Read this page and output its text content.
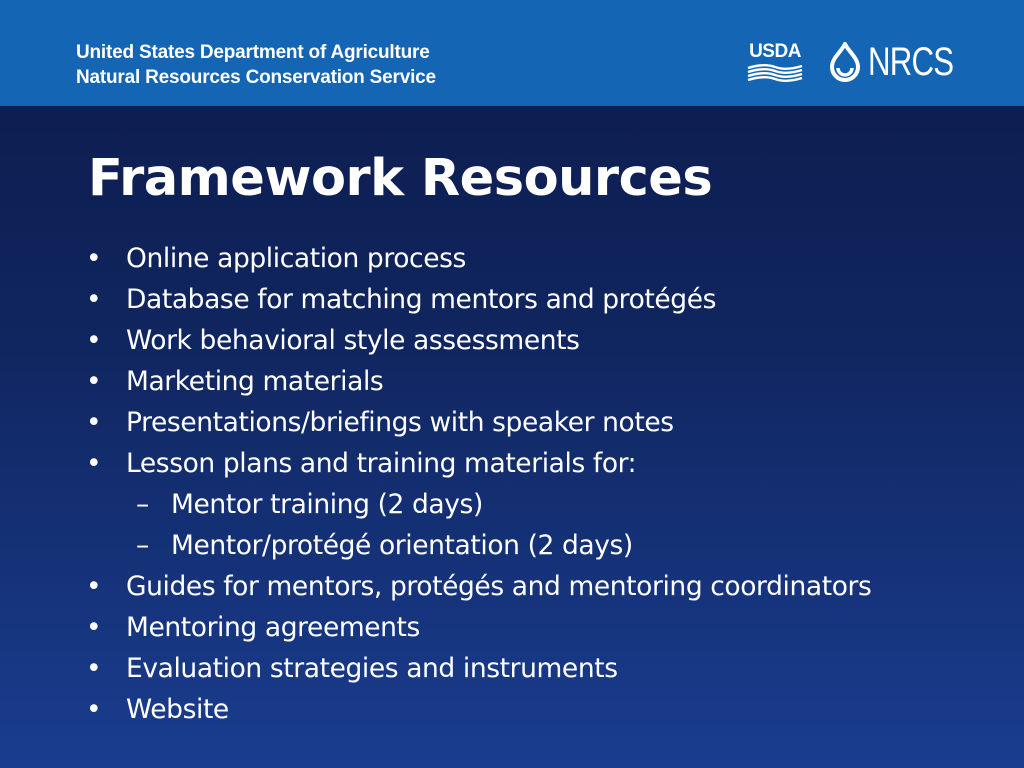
United States Department of Agriculture
Natural Resources Conservation Service
USDA NRCS
Framework Resources
• Online application process
• Database for matching mentors and protégés
• Work behavioral style assessments
• Marketing materials
• Presentations/briefings with speaker notes
• Lesson plans and training materials for:
– Mentor training (2 days)
– Mentor/protégé orientation (2 days)
• Guides for mentors, protégés and mentoring coordinators
• Mentoring agreements
• Evaluation strategies and instruments
• Website
